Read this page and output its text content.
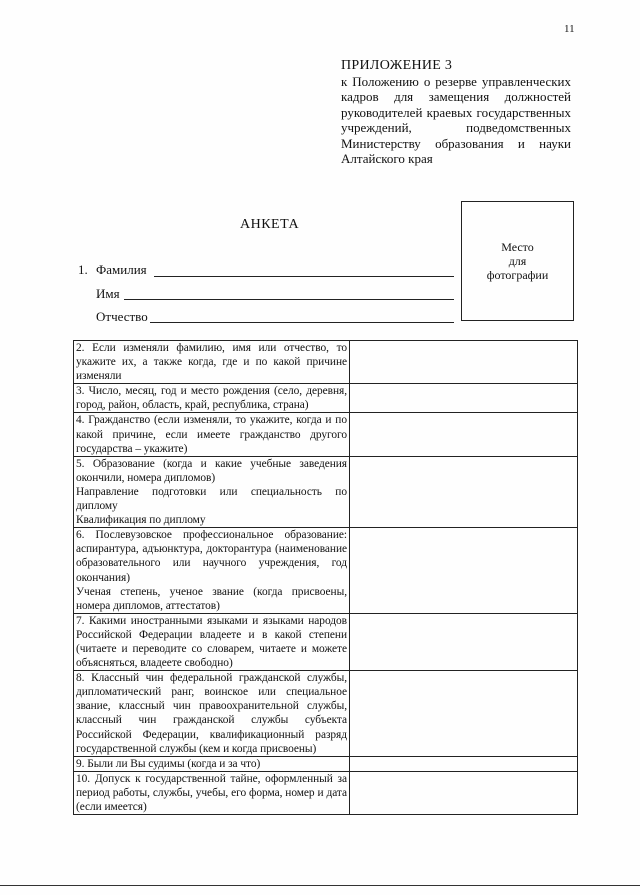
11
ПРИЛОЖЕНИЕ 3
к Положению о резерве управленческих кадров для замещения должностей руководителей краевых государственных учреждений, подведомственных Министерству образования и науки Алтайского края
АНКЕТА
Место
для
фотографии
1. Фамилия
Имя
Отчество
2. Если изменяли фамилию, имя или отчество, то укажите их, а также когда, где и по какой причине изменяли	

3. Число, месяц, год и место рождения (село, деревня, город, район, область, край, республика, страна)	

4. Гражданство (если изменяли, то укажите, когда и по какой причине, если имеете гражданство другого государства – укажите)	

5. Образование (когда и какие учебные заведения окончили, номера дипломов)
Направление подготовки или специальность по диплому
Квалификация по диплому	

6. Послевузовское профессиональное образование: аспирантура, адъюнктура, докторантура (наименование образовательного или научного учреждения, год окончания)
Ученая степень, ученое звание (когда присвоены, номера дипломов, аттестатов)	

7. Какими иностранными языками и языками народов Российской Федерации владеете и в какой степени (читаете и переводите со словарем, читаете и можете объясняться, владеете свободно)	

8. Классный чин федеральной гражданской службы, дипломатический ранг, воинское или специальное звание, классный чин правоохранительной службы, классный чин гражданской службы субъекта Российской Федерации, квалификационный разряд государственной службы (кем и когда присвоены)	

9. Были ли Вы судимы (когда и за что)	

10. Допуск к государственной тайне, оформленный за период работы, службы, учебы, его форма, номер и дата (если имеется)	
